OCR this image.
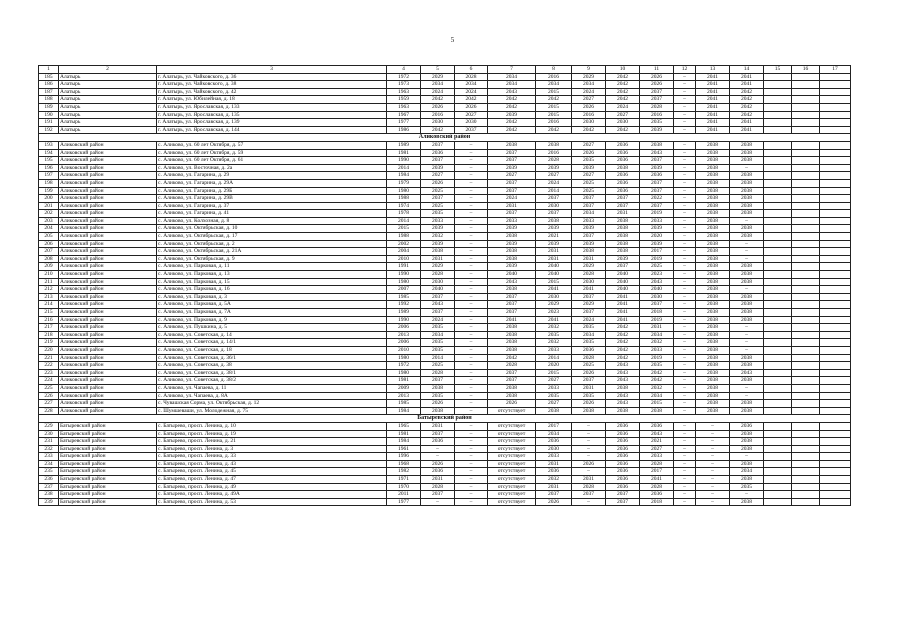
5
1	2	3	4	5	6	7	8	9	10	11	12	13	14	15	16	17
185	Алатырь	г. Алатырь, ул. Чайковского, д. 36	1972	2029	2028	2034	2016	2029	2042	2026	–	2041	2041			
186	Алатырь	г. Алатырь, ул. Чайковского, д. 38	1973	2034	2034	2034	2034	2034	2042	2026	–	2041	2041			
187	Алатырь	г. Алатырь, ул. Чайковского, д. 42	1963	2024	2024	2043	2015	2024	2042	2037	–	2041	2042			
188	Алатырь	г. Алатырь, ул. Юбилейная, д. 18	1959	2042	2042	2042	2042	2027	2042	2037	–	2041	2042			
189	Алатырь	г. Алатырь, ул. Ярославская, д. 133	1963	2026	2026	2042	2015	2026	2024	2028	–	2041	2042			
190	Алатырь	г. Алатырь, ул. Ярославская, д. 135	1967	2016	2027	2039	2015	2016	2027	2016	–	2041	2042			
191	Алатырь	г. Алатырь, ул. Ярославская, д. 139	1977	2030	2030	2042	2016	2030	2030	2035	–	2041	2041			
192	Алатырь	г. Алатырь, ул. Ярославская, д. 144	1986	2042	2037	2042	2042	2042	2042	2039	–	2041	2041			
Аликовский район																
193	Аликовский район	с. Аликово, ул. 60 лет Октября, д. 57	1989	2037	–	2038	2038	2027	2036	2038	–	2038	2038			
194	Аликовский район	с. Аликово, ул. 60 лет Октября, д. 59	1981	2036	–	2037	2016	2026	2036	2043	–	2038	2038			
195	Аликовский район	с. Аликово, ул. 60 лет Октября, д. 61	1990	2037	–	2037	2028	2035	2036	2037	–	2038	2038			
196	Аликовский район	с. Аликово, ул. Восточная, д. 2а	2014	2039	–	2039	2039	2039	2038	2039	–	2038	–			
197	Аликовский район	с. Аликово, ул. Гагарина, д. 29	1984	2027	–	2027	2027	2027	2036	2036	–	2038	2038			
198	Аликовский район	с. Аликово, ул. Гагарина, д. 29А	1979	2026	–	2037	2024	2025	2036	2037	–	2038	2038			
199	Аликовский район	с. Аликово, ул. Гагарина, д. 29Б	1980	2025	–	2037	2014	2025	2036	2037	–	2038	2038			
200	Аликовский район	с. Аликово, ул. Гагарина, д. 29В	1988	2037	–	2024	2037	2037	2037	2022	–	2038	2038			
201	Аликовский район	с. Аликово, ул. Гагарина, д. 37	1974	2025	–	2031	2030	2037	2037	2037	–	2038	2038			
202	Аликовский район	с. Аликово, ул. Гагарина, д. 41	1978	2035	–	2037	2037	2034	2031	2019	–	2038	2038			
203	Аликовский район	с. Аликово, ул. Колхозная, д. 8	2014	2033	–	2033	2038	2033	2038	2033	–	2038	–			
204	Аликовский район	с. Аликово, ул. Октябрьская, д. 10	2015	2039	–	2039	2039	2039	2038	2039	–	2038	2038			
205	Аликовский район	с. Аликово, ул. Октябрьская, д. 17	1988	2032	–	2038	2021	2037	2038	2020	–	2038	2038			
206	Аликовский район	с. Аликово, ул. Октябрьская, д. 2	2002	2039	–	2039	2039	2039	2038	2039	–	2038	–			
207	Аликовский район	с. Аликово, ул. Октябрьская, д. 21А	2004	2038	–	2038	2031	2038	2038	2017	–	2038	–			
208	Аликовский район	с. Аликово, ул. Октябрьская, д. 9	2010	2031	–	2038	2031	2031	2039	2019	–	2038	–			
209	Аликовский район	с. Аликово, ул. Парковая, д. 11	1991	2029	–	2039	2040	2029	2037	2025	–	2038	2038			
210	Аликовский район	с. Аликово, ул. Парковая, д. 13	1990	2028	–	2040	2040	2028	2040	2023	–	2038	2038			
211	Аликовский район	с. Аликово, ул. Парковая, д. 15	1980	2030	–	2043	2015	2030	2040	2043	–	2038	2038			
212	Аликовский район	с. Аликово, ул. Парковая, д. 16	2007	2040	–	2038	2041	2041	2040	2040	–	2038	–			
213	Аликовский район	с. Аликово, ул. Парковая, д. 3	1985	2037	–	2037	2030	2037	2041	2030	–	2038	2038			
214	Аликовский район	с. Аликово, ул. Парковая, д. 5А	1992	2043	–	2037	2029	2029	2041	2037	–	2038	2038			
215	Аликовский район	с. Аликово, ул. Парковая, д. 7А	1989	2037	–	2037	2023	2037	2041	2018	–	2038	2038			
216	Аликовский район	с. Аликово, ул. Парковая, д. 9	1990	2024	–	2041	2041	2024	2041	2019	–	2038	2038			
217	Аликовский район	с. Аликово, ул. Пушкина, д. 5	2006	2035	–	2038	2032	2035	2042	2031	–	2038	–			
218	Аликовский район	с. Аликово, ул. Советская, д. 14	2013	2034	–	2038	2035	2034	2042	2034	–	2038	–			
219	Аликовский район	с. Аликово, ул. Советская, д. 14/1	2006	2035	–	2038	2032	2035	2042	2032	–	2038	–			
220	Аликовский район	с. Аликово, ул. Советская, д. 18	2010	2035	–	2038	2033	2036	2042	2033	–	2038	–			
221	Аликовский район	с. Аликово, ул. Советская, д. 36/1	1980	2014	–	2042	2014	2028	2042	2019	–	2038	2038			
222	Аликовский район	с. Аликово, ул. Советская, д. 38	1972	2025	–	2028	2020	2025	2043	2035	–	2038	2038			
223	Аликовский район	с. Аликово, ул. Советская, д. 38/1	1980	2028	–	2037	2015	2026	2043	2042	–	2038	2043			
224	Аликовский район	с. Аликово, ул. Советская, д. 38/2	1981	2037	–	2037	2027	2037	2043	2042	–	2038	2038			
225	Аликовский район	с. Аликово, ул. Чапаева, д. 11	2009	2038	–	2038	2033	2031	2038	2032	–	2038	–			
226	Аликовский район	с. Аликово, ул. Чапаева, д. 8А	2013	2035	–	2038	2035	2035	2043	2034	–	2038	–			
227	Аликовский район	с. Чувашская Сорма, ул. Октябрьская, д. 12	1985	2026	–	2026	2027	2026	2043	2015	–	2038	2038			
228	Аликовский район	с. Шумшеваши, ул. Молодежная, д. 75	1984	2038	–	отсутствует	2038	2038	2038	2038	–	2038	2038			
Батыревский район																
229	Батыревский район	с. Батырево, просп. Ленина, д. 10	1965	2031	–	отсутствует	2017	–	2036	2036	–	–	2036			
230	Батыревский район	с. Батырево, просп. Ленина, д. 19	1981	2037	–	отсутствует	2034	–	2036	2043	–	–	2038			
231	Батыревский район	с. Батырево, просп. Ленина, д. 21	1984	2036	–	отсутствует	2036	–	2036	2021	–	–	2038			
232	Батыревский район	с. Батырево, просп. Ленина, д. 3	1961	–	–	отсутствует	2030	–	2036	2027	–	–	2038			
233	Батыревский район	с. Батырево, просп. Ленина, д. 33	1996	–	–	отсутствует	2033	–	2036	2033	–	–	–			
234	Батыревский район	с. Батырево, просп. Ленина, д. 43	1968	2026	–	отсутствует	2031	2026	2036	2028	–	–	2038			
235	Батыревский район	с. Батырево, просп. Ленина, д. 45	1982	2036	–	отсутствует	2036	–	2036	2017	–	–	2034			
236	Батыревский район	с. Батырево, просп. Ленина, д. 47	1971	2031	–	отсутствует	2032	2031	2036	2041	–	–	2038			
237	Батыревский район	с. Батырево, просп. Ленина, д. 49	1970	2028	–	отсутствует	2031	2028	2036	2028	–	–	2035			
238	Батыревский район	с. Батырево, просп. Ленина, д. 49А	2011	2037	–	отсутствует	2037	2037	2037	2036	–	–	–			
239	Батыревский район	с. Батырево, просп. Ленина, д. 53	1977	–	–	отсутствует	2026	–	2037	2018	–	–	2038			
